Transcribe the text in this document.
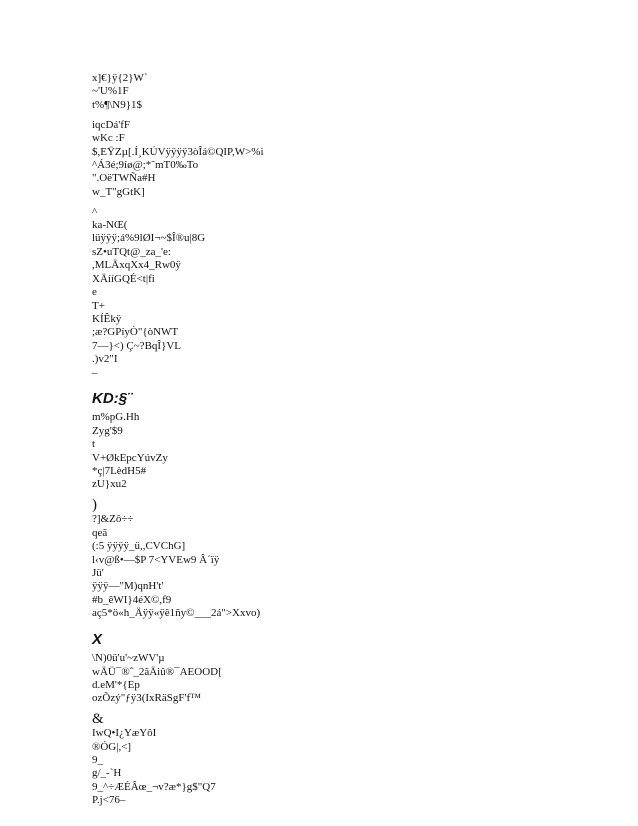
x]€}ÿ{2}W`
~'U%1F
t%¶\N9}1$
iqcDá'fF
wKc :F
$,EŸZµ[.Í¸KÚVÿÿÿÿ3òÎá©QIP,W>%i
^Á3é;9íø@;*˜mT0‰To
".OëTWÑa#H
w_T"gGtK]
^
ka-NŒ(
lüÿÿÿ;á%9lØI¬~$Î®u|8G
sZ•uTQt@_za_'e:
,MLÄxqXx4_Rw0ÿ
XÄííGQÉ<t|fi
e
T+
KÍÊkÿ
;æ?GPíyÒ"{òNWT
7—}<) Ç~?BqÎ}VL
.)v2"I
–
KD:§¨
m%pG.Hh
Zyg'$9
t
V+ØkEpcYúvZy
*ç|7LèdH5#
zU}xu2
)
?]&Zô÷÷
qeã
(:5 ÿÿÿÿ_ü,,CVChG]
l‹v@ß•—$P 7<YVEw9 Â´ïÿ
Jü'
ÿÿÿ—"M)qnH't'
#b_êWI}4éX©,f9
aç5*ö«h_Äÿÿ«ÿê1ñy©___2á">Xxvo)
X
\N)0ü'u'~zWV'µ
wÄÜ¯®ˆ_2ãÄiû®¯AEOOD[
d.eM'*{Ep
ozÕzý"ƒÿ3(IxRäSgF'f™
&
IwQ•I¿YæYôI
®ÓG|,<]
9_
g/_-`H
9_^÷ÆÉÂœ_¬v?æ*}g$"Q7
P.j<76–
